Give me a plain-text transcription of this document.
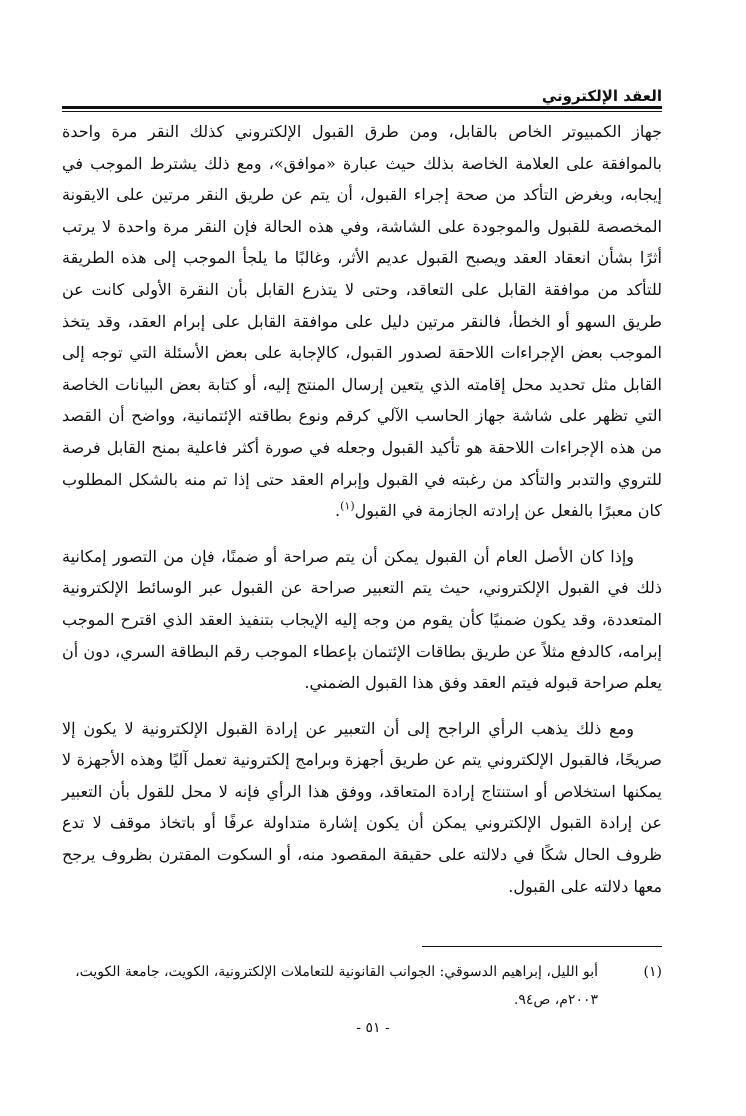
العقد الإلكتروني

جهاز الكمبيوتر الخاص بالقابل، ومن طرق القبول الإلكتروني كذلك النقر مرة واحدة بالموافقة على العلامة الخاصة بذلك حيث عبارة «موافق»، ومع ذلك يشترط الموجب في إيجابه، وبغرض التأكد من صحة إجراء القبول، أن يتم عن طريق النقر مرتين على الايقونة المخصصة للقبول والموجودة على الشاشة، وفي هذه الحالة فإن النقر مرة واحدة لا يرتب أثرًا بشأن انعقاد العقد ويصبح القبول عديم الأثر، وغالبًا ما يلجأ الموجب إلى هذه الطريقة للتأكد من موافقة القابل على التعاقد، وحتى لا يتذرع القابل بأن النقرة الأولى كانت عن طريق السهو أو الخطأ، فالنقر مرتين دليل على موافقة القابل على إبرام العقد، وقد يتخذ الموجب بعض الإجراءات اللاحقة لصدور القبول، كالإجابة على بعض الأسئلة التي توجه إلى القابل مثل تحديد محل إقامته الذي يتعين إرسال المنتج إليه، أو كتابة بعض البيانات الخاصة التي تظهر على شاشة جهاز الحاسب الآلي كرقم ونوع بطاقته الإئتمانية، وواضح أن القصد من هذه الإجراءات اللاحقة هو تأكيد القبول وجعله في صورة أكثر فاعلية بمنح القابل فرصة للتروي والتدبر والتأكد من رغبته في القبول وإبرام العقد حتى إذا تم منه بالشكل المطلوب كان معبرًا بالفعل عن إرادته الجازمة في القبول$^{(١)}$.

وإذا كان الأصل العام أن القبول يمكن أن يتم صراحة أو ضمنًا، فإن من التصور إمكانية ذلك في القبول الإلكتروني، حيث يتم التعبير صراحة عن القبول عبر الوسائط الإلكترونية المتعددة، وقد يكون ضمنيًا كأن يقوم من وجه إليه الإيجاب بتنفيذ العقد الذي اقترح الموجب إبرامه، كالدفع مثلاً عن طريق بطاقات الإئتمان بإعطاء الموجب رقم البطاقة السري، دون أن يعلم صراحة قبوله فيتم العقد وفق هذا القبول الضمني.

ومع ذلك يذهب الرأي الراجح إلى أن التعبير عن إرادة القبول الإلكترونية لا يكون إلا صريحًا، فالقبول الإلكتروني يتم عن طريق أجهزة وبرامج إلكترونية تعمل آليًا وهذه الأجهزة لا يمكنها استخلاص أو استنتاج إرادة المتعاقد، ووفق هذا الرأي فإنه لا محل للقول بأن التعبير عن إرادة القبول الإلكتروني يمكن أن يكون إشارة متداولة عرفًا أو باتخاذ موقف لا تدع ظروف الحال شكًا في دلالته على حقيقة المقصود منه، أو السكوت المقترن بظروف يرجح معها دلالته على القبول.

(١)
أبو الليل، إبراهيم الدسوقي: الجوانب القانونية للتعاملات الإلكترونية، الكويت، جامعة الكويت، ٢٠٠٣م، ص٩٤.
- ٥١ -
